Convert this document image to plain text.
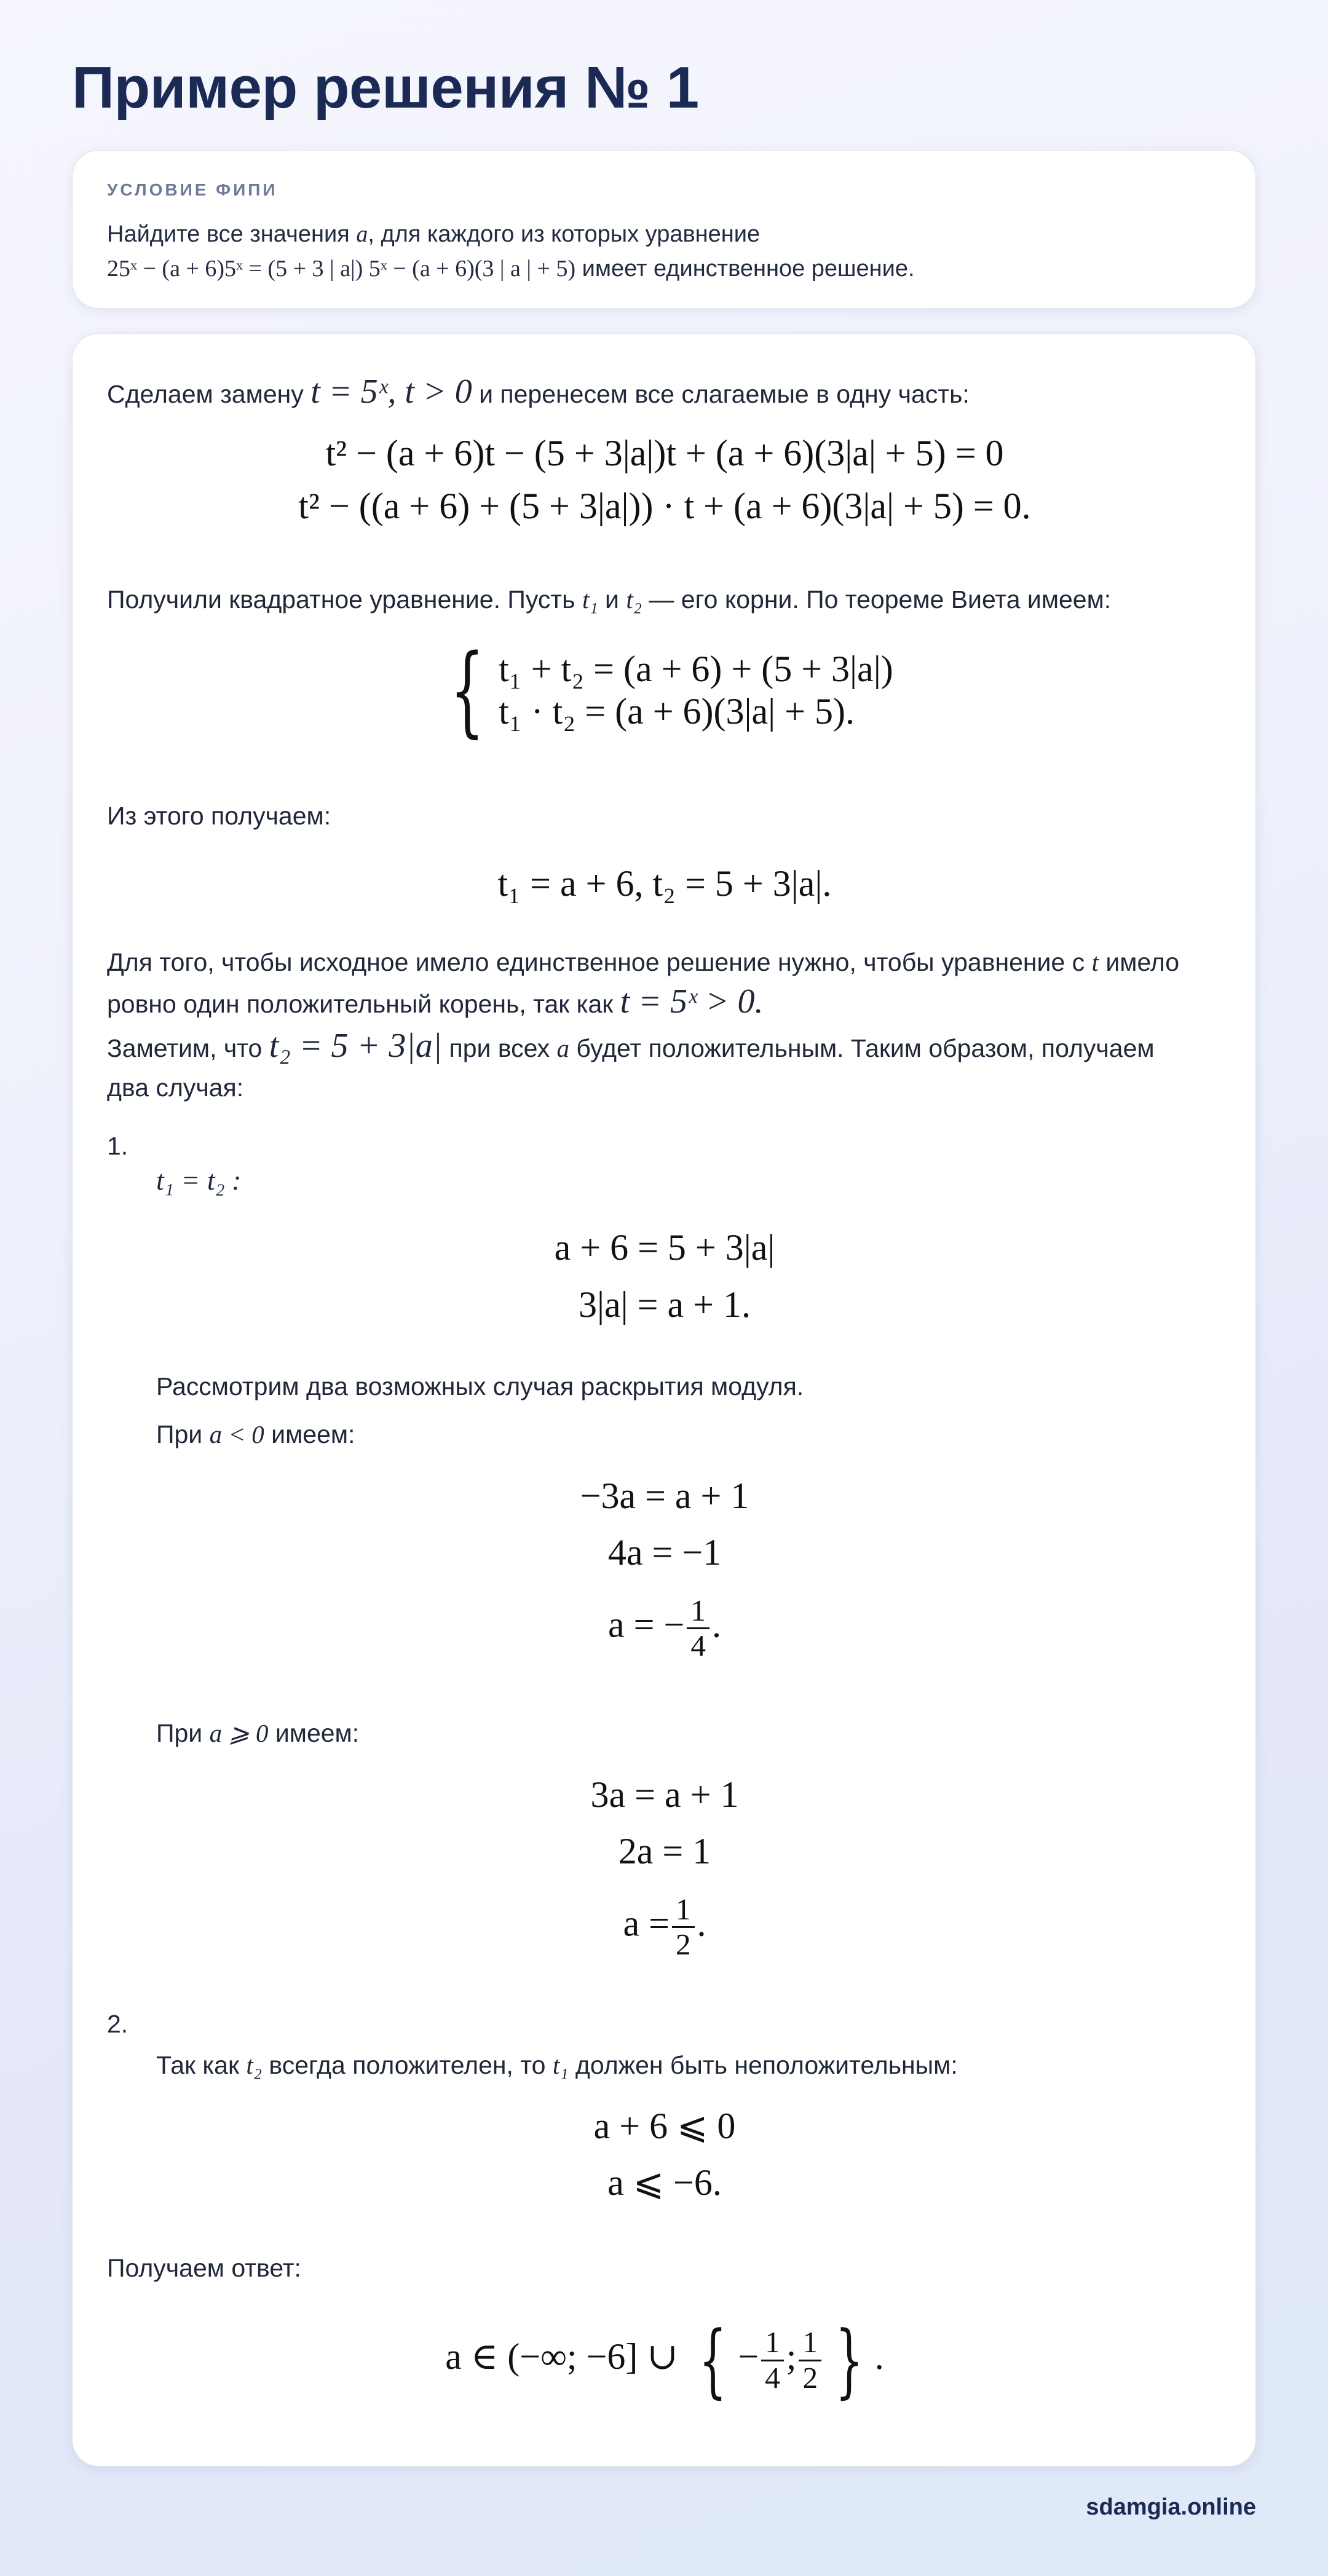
Пример решения № 1
УСЛОВИЕ ФИПИ
Найдите все значения a, для каждого из которых уравнение
25ˣ − (a + 6)5ˣ = (5 + 3 | a|) 5ˣ − (a + 6)(3 | a | + 5) имеет единственное решение.

Сделаем замену t = 5ˣ, t > 0 и перенесем все слагаемые в одну часть:

t² − (a + 6)t − (5 + 3|a|)t + (a + 6)(3|a| + 5) = 0
t² − ((a + 6) + (5 + 3|a|)) · t + (a + 6)(3|a| + 5) = 0.

Получили квадратное уравнение. Пусть t₁ и t₂ — его корни. По теореме Виета имеем:

{ t₁ + t₂ = (a + 6) + (5 + 3|a|)
t₁ · t₂ = (a + 6)(3|a| + 5).

Из этого получаем:

t₁ = a + 6, t₂ = 5 + 3|a|.

Для того, чтобы исходное имело единственное решение нужно, чтобы уравнение с t имело
ровно один положительный корень, так как t = 5ˣ > 0.

Заметим, что t₂ = 5 + 3|a| при всех a будет положительным. Таким образом, получаем
два случая:

1.
t₁ = t₂ :
a + 6 = 5 + 3|a|
3|a| = a + 1.

Рассмотрим два возможных случая раскрытия модуля.

При a < 0 имеем:

−3a = a + 1
4a = −1
a = − $\frac{1}{4}$ .

При a ⩾ 0 имеем:

3a = a + 1
2a = 1
$a = \frac{1}{2}$ .
2.

Так как t₂ всегда положителен, то t₁ должен быть неположительным:

a + 6 ⩽ 0
a ⩽ −6.

Получаем ответ:

a ∈ (−∞; −6] ∪ { − $\frac{1}{4}$ ; $\frac{1}{2}$ } .
sdamgia.online
